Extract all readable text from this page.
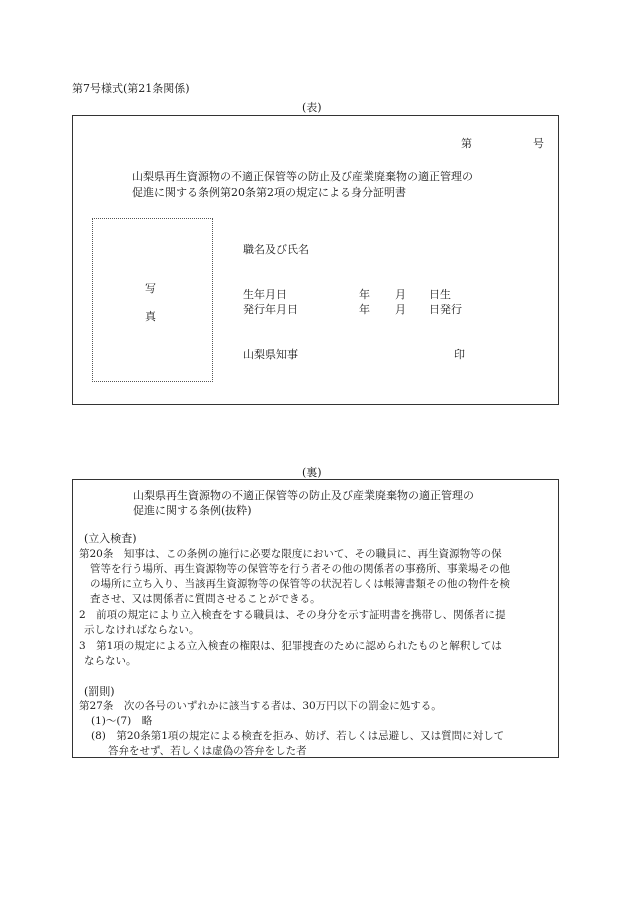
第7号様式(第21条関係)
(表)
第	号
山梨県再生資源物の不適正保管等の防止及び産業廃棄物の適正管理の
促進に関する条例第20条第2項の規定による身分証明書
写
真
職名及び氏名
生年月日	年 月 日生
発行年月日	年 月 日発行
山梨県知事	印
(裏)
山梨県再生資源物の不適正保管等の防止及び産業廃棄物の適正管理の
促進に関する条例(抜粋)
(立入検査)
第20条　知事は、この条例の施行に必要な限度において、その職員に、再生資源物等の保
管等を行う場所、再生資源物等の保管等を行う者その他の関係者の事務所、事業場その他
の場所に立ち入り、当該再生資源物等の保管等の状況若しくは帳簿書類その他の物件を検
査させ、又は関係者に質問させることができる。
2　前項の規定により立入検査をする職員は、その身分を示す証明書を携帯し、関係者に提
示しなければならない。
3　第1項の規定による立入検査の権限は、犯罪捜査のために認められたものと解釈しては
ならない。
(罰則)
第27条　次の各号のいずれかに該当する者は、30万円以下の罰金に処する。
(1)～(7)　略
(8)　第20条第1項の規定による検査を拒み、妨げ、若しくは忌避し、又は質問に対して
答弁をせず、若しくは虚偽の答弁をした者
